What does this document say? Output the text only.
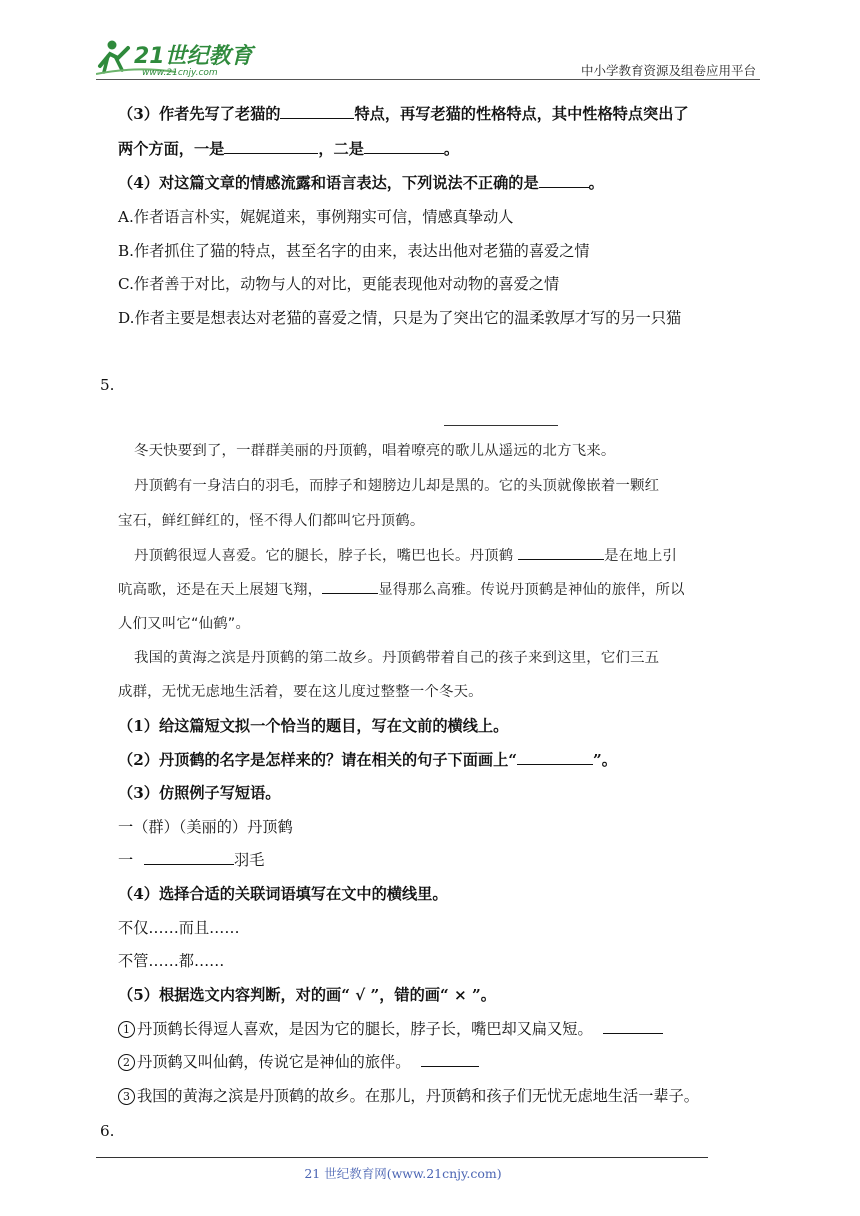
21世纪教育
www.21cnjy.com	中小学教育资源及组卷应用平台
（3）作者先写了老猫的	特点，再写老猫的性格特点，其中性格特点突出了
两个方面，一是	，二是	。
（4）对这篇文章的情感流露和语言表达，下列说法不正确的是	。
A.作者语言朴实，娓娓道来，事例翔实可信，情感真挚动人
B.作者抓住了猫的特点，甚至名字的由来，表达出他对老猫的喜爱之情
C.作者善于对比，动物与人的对比，更能表现他对动物的喜爱之情
D.作者主要是想表达对老猫的喜爱之情，只是为了突出它的温柔敦厚才写的另一只猫
5.
冬天快要到了，一群群美丽的丹顶鹤，唱着嘹亮的歌儿从遥远的北方飞来。
丹顶鹤有一身洁白的羽毛，而脖子和翅膀边儿却是黑的。它的头顶就像嵌着一颗红
宝石，鲜红鲜红的，怪不得人们都叫它丹顶鹤。
丹顶鹤很逗人喜爱。它的腿长，脖子长，嘴巴也长。丹顶鹤	是在地上引
吭高歌，还是在天上展翅飞翔，	显得那么高雅。传说丹顶鹤是神仙的旅伴，所以
人们又叫它“仙鹤”。
我国的黄海之滨是丹顶鹤的第二故乡。丹顶鹤带着自己的孩子来到这里，它们三五
成群，无忧无虑地生活着，要在这儿度过整整一个冬天。
（1）给这篇短文拟一个恰当的题目，写在文前的横线上。
（2）丹顶鹤的名字是怎样来的？请在相关的句子下面画上“	”。
（3）仿照例子写短语。
一（群）（美丽的）丹顶鹤
一	羽毛
（4）选择合适的关联词语填写在文中的横线里。
不仅……而且……
不管……都……
（5）根据选文内容判断，对的画“ √ ”，错的画“ × ”。
1 丹顶鹤长得逗人喜欢，是因为它的腿长，脖子长，嘴巴却又扁又短。
2 丹顶鹤又叫仙鹤，传说它是神仙的旅伴。
3 我国的黄海之滨是丹顶鹤的故乡。在那儿，丹顶鹤和孩子们无忧无虑地生活一辈子。
6.
21 世纪教育网(www.21cnjy.com)
